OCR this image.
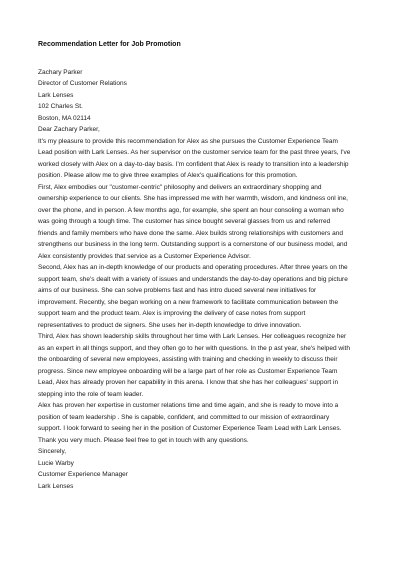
Recommendation Letter for Job Promotion
Zachary Parker
Director of Customer Relations
Lark Lenses
102 Charles St.
Boston, MA 02114
Dear Zachary Parker,
It's my pleasure to provide this recommendation for Alex as she pursues the Customer Experience Team
Lead position with Lark Lenses. As her supervisor on the customer service team for the past three years, I've
worked closely with Alex on a day-to-day basis. I'm confident that Alex is ready to transition into a leadership
position. Please allow me to give three examples of Alex's qualifications for this promotion.
First, Alex embodies our "customer-centric" philosophy and delivers an extraordinary shopping and
ownership experience to our clients. She has impressed me with her warmth, wisdom, and kindness onl ine,
over the phone, and in person. A few months ago, for example, she spent an hour consoling a woman who
was going through a tough time. The customer has since bought several glasses from us and referred
friends and family members who have done the same. Alex builds strong relationships with customers and
strengthens our business in the long term. Outstanding support is a cornerstone of our business model, and
Alex consistently provides that service as a Customer Experience Advisor.
Second, Alex has an in-depth knowledge of our products and operating procedures. After three years on the
support team, she's dealt with a variety of issues and understands the day-to-day operations and big picture
aims of our business. She can solve problems fast and has intro duced several new initiatives for
improvement. Recently, she began working on a new framework to facilitate communication between the
support team and the product team. Alex is improving the delivery of case notes from support
representatives to product de signers. She uses her in-depth knowledge to drive innovation.
Third, Alex has shown leadership skills throughout her time with Lark Lenses. Her colleagues recognize her
as an expert in all things support, and they often go to her with questions. In the p ast year, she's helped with
the onboarding of several new employees, assisting with training and checking in weekly to discuss their
progress. Since new employee onboarding will be a large part of her role as Customer Experience Team
Lead, Alex has already proven her capability in this arena. I know that she has her colleagues' support in
stepping into the role of team leader.
Alex has proven her expertise in customer relations time and time again, and she is ready to move into a
position of team leadership . She is capable, confident, and committed to our mission of extraordinary
support. I look forward to seeing her in the position of Customer Experience Team Lead with Lark Lenses.
Thank you very much. Please feel free to get in touch with any questions.
Sincerely,
Lucie Warby
Customer Experience Manager
Lark Lenses
